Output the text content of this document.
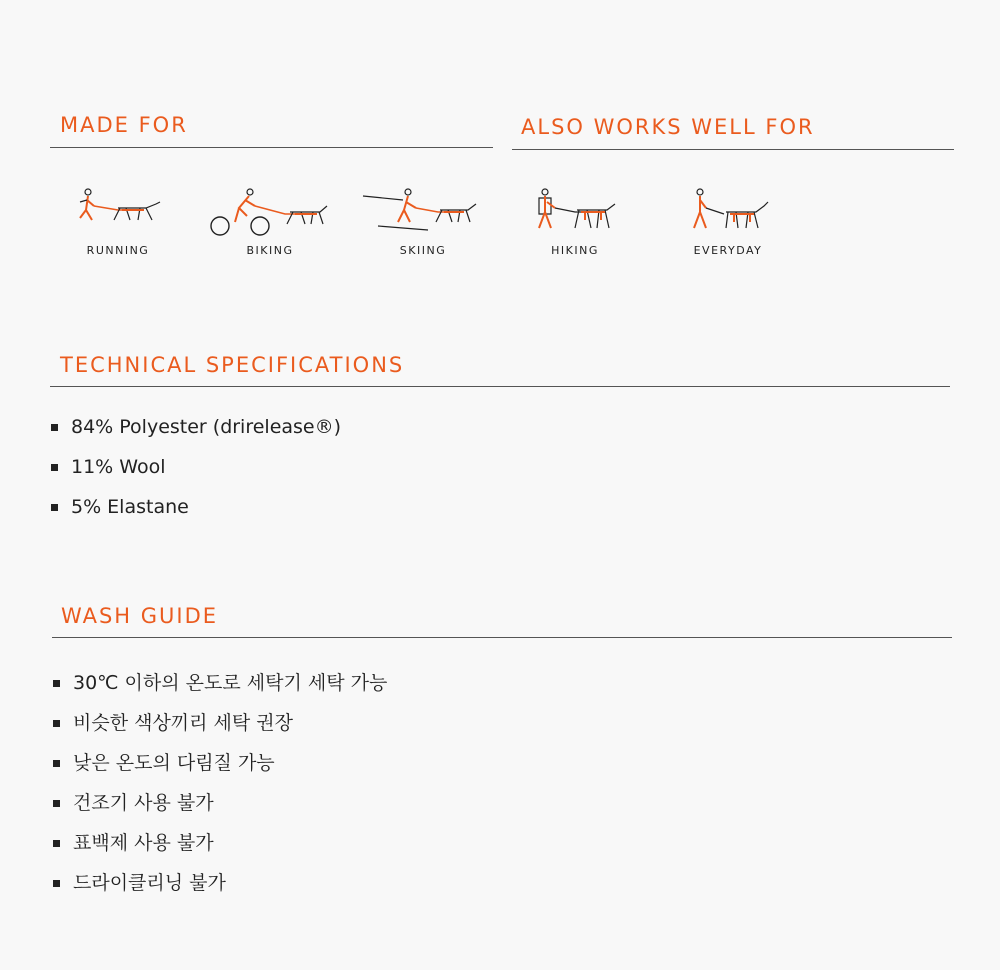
MADE FOR	ALSO WORKS WELL FOR
RUNNING	BIKING	SKIING	HIKING	EVERYDAY
TECHNICAL SPECIFICATIONS
84% Polyester (drirelease®)
11% Wool
5% Elastane
WASH GUIDE
30℃ 이하의 온도로 세탁기 세탁 가능
비슷한 색상끼리 세탁 권장
낮은 온도의 다림질 가능
건조기 사용 불가
표백제 사용 불가
드라이클리닝 불가
